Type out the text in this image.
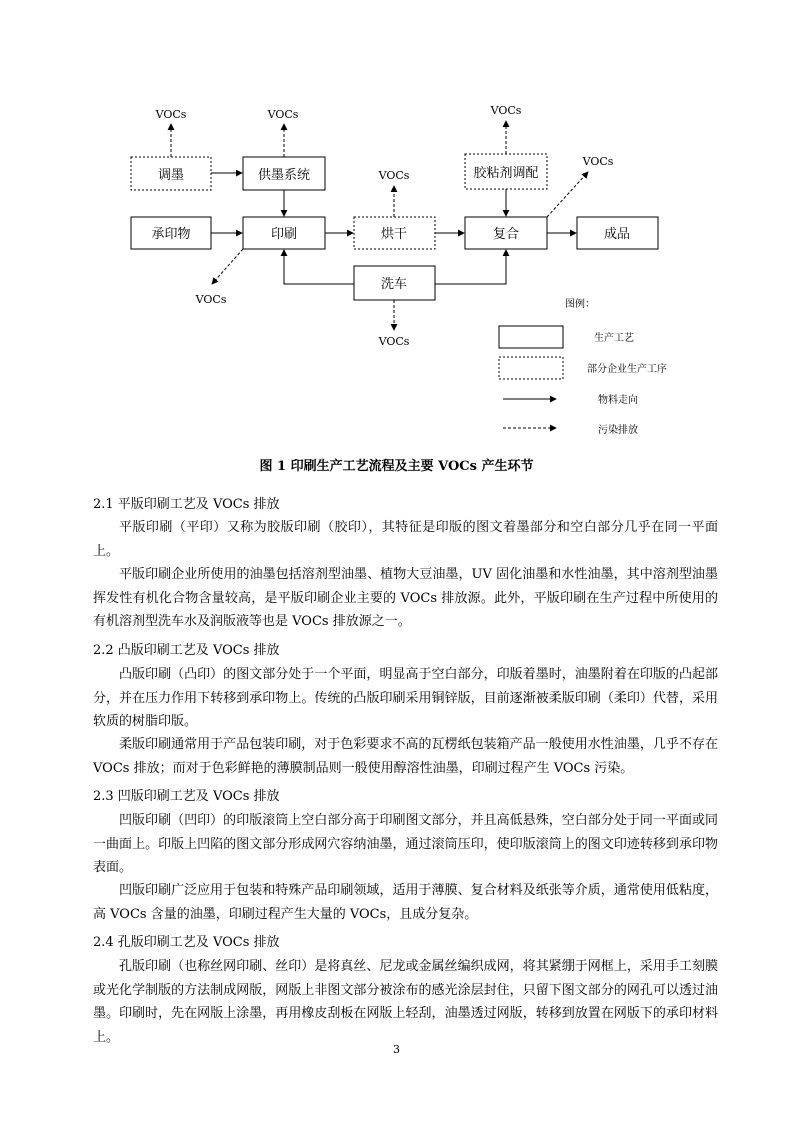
调墨	供墨系统
承印物	印刷	烘干
胶粘剂调配
复合	成品
洗车
VOCs	VOCs	VOCs
VOCs
VOCs
VOCs
VOCs
图例：
生产工艺
部分企业生产工序
物料走向
污染排放
图 1 印刷生产工艺流程及主要 VOCs 产生环节
2.1 平版印刷工艺及 VOCs 排放

平版印刷（平印）又称为胶版印刷（胶印），其特征是印版的图文着墨部分和空白部分几乎在同一平面上。

平版印刷企业所使用的油墨包括溶剂型油墨、植物大豆油墨，UV 固化油墨和水性油墨，其中溶剂型油墨挥发性有机化合物含量较高，是平版印刷企业主要的 VOCs 排放源。此外，平版印刷在生产过程中所使用的有机溶剂型洗车水及润版液等也是 VOCs 排放源之一。

2.2 凸版印刷工艺及 VOCs 排放

凸版印刷（凸印）的图文部分处于一个平面，明显高于空白部分，印版着墨时，油墨附着在印版的凸起部分，并在压力作用下转移到承印物上。传统的凸版印刷采用铜锌版，目前逐渐被柔版印刷（柔印）代替，采用软质的树脂印版。

柔版印刷通常用于产品包装印刷，对于色彩要求不高的瓦楞纸包装箱产品一般使用水性油墨，几乎不存在 VOCs 排放；而对于色彩鲜艳的薄膜制品则一般使用醇溶性油墨，印刷过程产生 VOCs 污染。

2.3 凹版印刷工艺及 VOCs 排放

凹版印刷（凹印）的印版滚筒上空白部分高于印刷图文部分，并且高低悬殊，空白部分处于同一平面或同一曲面上。印版上凹陷的图文部分形成网穴容纳油墨，通过滚筒压印，使印版滚筒上的图文印迹转移到承印物表面。

凹版印刷广泛应用于包装和特殊产品印刷领域，适用于薄膜、复合材料及纸张等介质，通常使用低粘度，高 VOCs 含量的油墨，印刷过程产生大量的 VOCs，且成分复杂。

2.4 孔版印刷工艺及 VOCs 排放

孔版印刷（也称丝网印刷、丝印）是将真丝、尼龙或金属丝编织成网，将其紧绷于网框上，采用手工刻膜或光化学制版的方法制成网版，网版上非图文部分被涂布的感光涂层封住，只留下图文部分的网孔可以透过油墨。印刷时，先在网版上涂墨，再用橡皮刮板在网版上轻刮，油墨透过网版，转移到放置在网版下的承印材料上。

3
